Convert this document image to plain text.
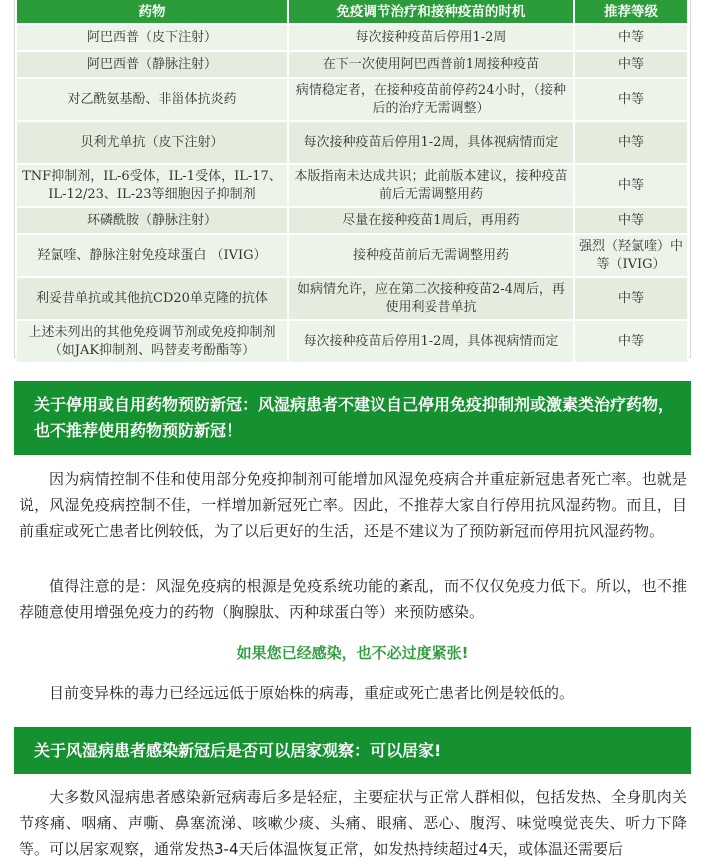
药物	免疫调节治疗和接种疫苗的时机	推荐等级
阿巴西普（皮下注射）	每次接种疫苗后停用1-2周	中等
阿巴西普（静脉注射）	在下一次使用阿巴西普前1周接种疫苗	中等
对乙酰氨基酚、非甾体抗炎药	病情稳定者，在接种疫苗前停药24小时，（接种后的治疗无需调整）	中等
贝利尤单抗（皮下注射）	每次接种疫苗后停用1-2周，具体视病情而定	中等
TNF抑制剂，IL-6受体，IL-1受体，IL-17、IL-12/23、IL-23等细胞因子抑制剂	本版指南未达成共识；此前版本建议，接种疫苗前后无需调整用药	中等
环磷酰胺（静脉注射）	尽量在接种疫苗1周后，再用药	中等
羟氯喹、静脉注射免疫球蛋白 （IVIG）	接种疫苗前后无需调整用药	强烈（羟氯喹）中等（IVIG）
利妥昔单抗或其他抗CD20单克隆的抗体	如病情允许，应在第二次接种疫苗2-4周后，再使用利妥昔单抗	中等
上述未列出的其他免疫调节剂或免疫抑制剂（如JAK抑制剂、吗替麦考酚酯等）	每次接种疫苗后停用1-2周，具体视病情而定	中等
关于停用或自用药物预防新冠：风湿病患者不建议自己停用免疫抑制剂或激素类治疗药物，也不推荐使用药物预防新冠！

因为病情控制不佳和使用部分免疫抑制剂可能增加风湿免疫病合并重症新冠患者死亡率。也就是说，风湿免疫病控制不佳，一样增加新冠死亡率。因此，不推荐大家自行停用抗风湿药物。而且，目前重症或死亡患者比例较低，为了以后更好的生活，还是不建议为了预防新冠而停用抗风湿药物。

值得注意的是：风湿免疫病的根源是免疫系统功能的紊乱，而不仅仅免疫力低下。所以，也不推荐随意使用增强免疫力的药物（胸腺肽、丙种球蛋白等）来预防感染。

如果您已经感染，也不必过度紧张!

目前变异株的毒力已经远远低于原始株的病毒，重症或死亡患者比例是较低的。

关于风湿病患者感染新冠后是否可以居家观察：可以居家!

大多数风湿病患者感染新冠病毒后多是轻症，主要症状与正常人群相似，包括发热、全身肌肉关节疼痛、咽痛、声嘶、鼻塞流涕、咳嗽少痰、头痛、眼痛、恶心、腹泻、味觉嗅觉丧失、听力下降等。可以居家观察，通常发热3-4天后体温恢复正常，如发热持续超过4天，或体温还需要后
